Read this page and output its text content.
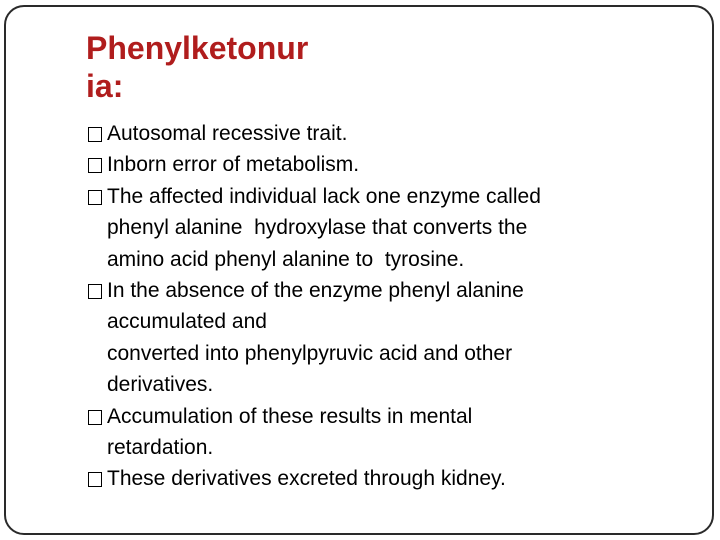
Phenylketonur
ia:
Autosomal recessive trait.
Inborn error of metabolism.
The affected individual lack one enzyme called
phenyl alanine  hydroxylase that converts the
amino acid phenyl alanine to  tyrosine.
In the absence of the enzyme phenyl alanine
accumulated and
converted into phenylpyruvic acid and other
derivatives.
Accumulation of these results in mental
retardation.
These derivatives excreted through kidney.
